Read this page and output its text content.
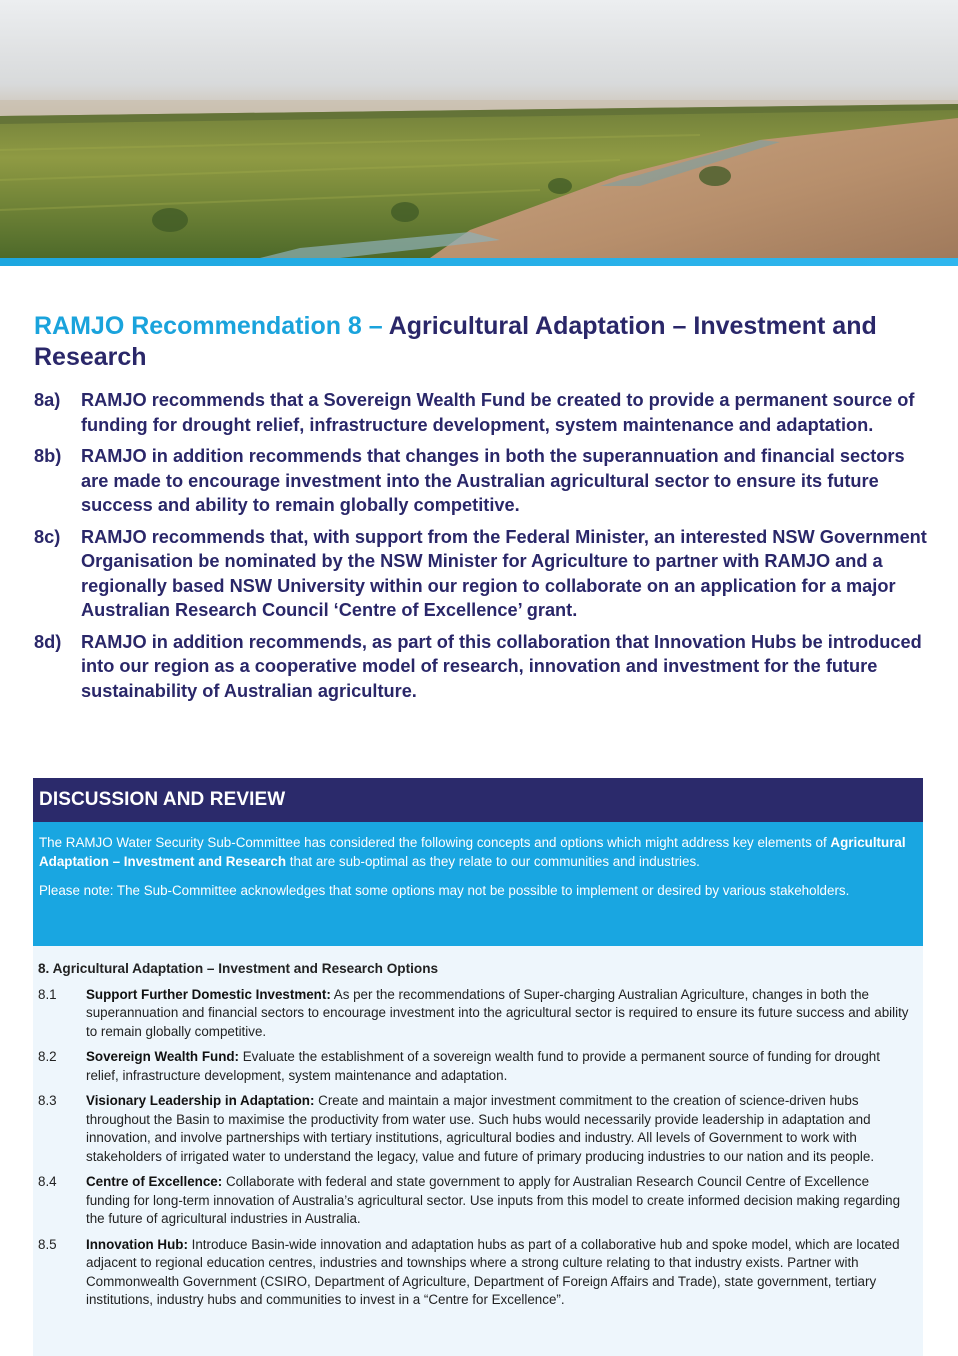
RAMJO Recommendation 8 – Agricultural Adaptation – Investment and Research
8a) RAMJO recommends that a Sovereign Wealth Fund be created to provide a permanent source of funding for drought relief, infrastructure development, system maintenance and adaptation.
8b) RAMJO in addition recommends that changes in both the superannuation and financial sectors are made to encourage investment into the Australian agricultural sector to ensure its future success and ability to remain globally competitive.
8c) RAMJO recommends that, with support from the Federal Minister, an interested NSW Government Organisation be nominated by the NSW Minister for Agriculture to partner with RAMJO and a regionally based NSW University within our region to collaborate on an application for a major Australian Research Council ‘Centre of Excellence’ grant.
8d) RAMJO in addition recommends, as part of this collaboration that Innovation Hubs be introduced into our region as a cooperative model of research, innovation and investment for the future sustainability of Australian agriculture.
DISCUSSION AND REVIEW

The RAMJO Water Security Sub-Committee has considered the following concepts and options which might address key elements of Agricultural Adaptation – Investment and Research that are sub-optimal as they relate to our communities and industries.

Please note: The Sub-Committee acknowledges that some options may not be possible to implement or desired by various stakeholders.

8. Agricultural Adaptation – Investment and Research Options
8.1 Support Further Domestic Investment: As per the recommendations of Super-charging Australian Agriculture, changes in both the superannuation and financial sectors to encourage investment into the agricultural sector is required to ensure its future success and ability to remain globally competitive.
8.2 Sovereign Wealth Fund: Evaluate the establishment of a sovereign wealth fund to provide a permanent source of funding for drought relief, infrastructure development, system maintenance and adaptation.
8.3 Visionary Leadership in Adaptation: Create and maintain a major investment commitment to the creation of science-driven hubs throughout the Basin to maximise the productivity from water use. Such hubs would necessarily provide leadership in adaptation and innovation, and involve partnerships with tertiary institutions, agricultural bodies and industry. All levels of Government to work with stakeholders of irrigated water to understand the legacy, value and future of primary producing industries to our nation and its people.
8.4 Centre of Excellence: Collaborate with federal and state government to apply for Australian Research Council Centre of Excellence funding for long-term innovation of Australia’s agricultural sector. Use inputs from this model to create informed decision making regarding the future of agricultural industries in Australia.
8.5 Innovation Hub: Introduce Basin-wide innovation and adaptation hubs as part of a collaborative hub and spoke model, which are located adjacent to regional education centres, industries and townships where a strong culture relating to that industry exists. Partner with Commonwealth Government (CSIRO, Department of Agriculture, Department of Foreign Affairs and Trade), state government, tertiary institutions, industry hubs and communities to invest in a “Centre for Excellence”.
